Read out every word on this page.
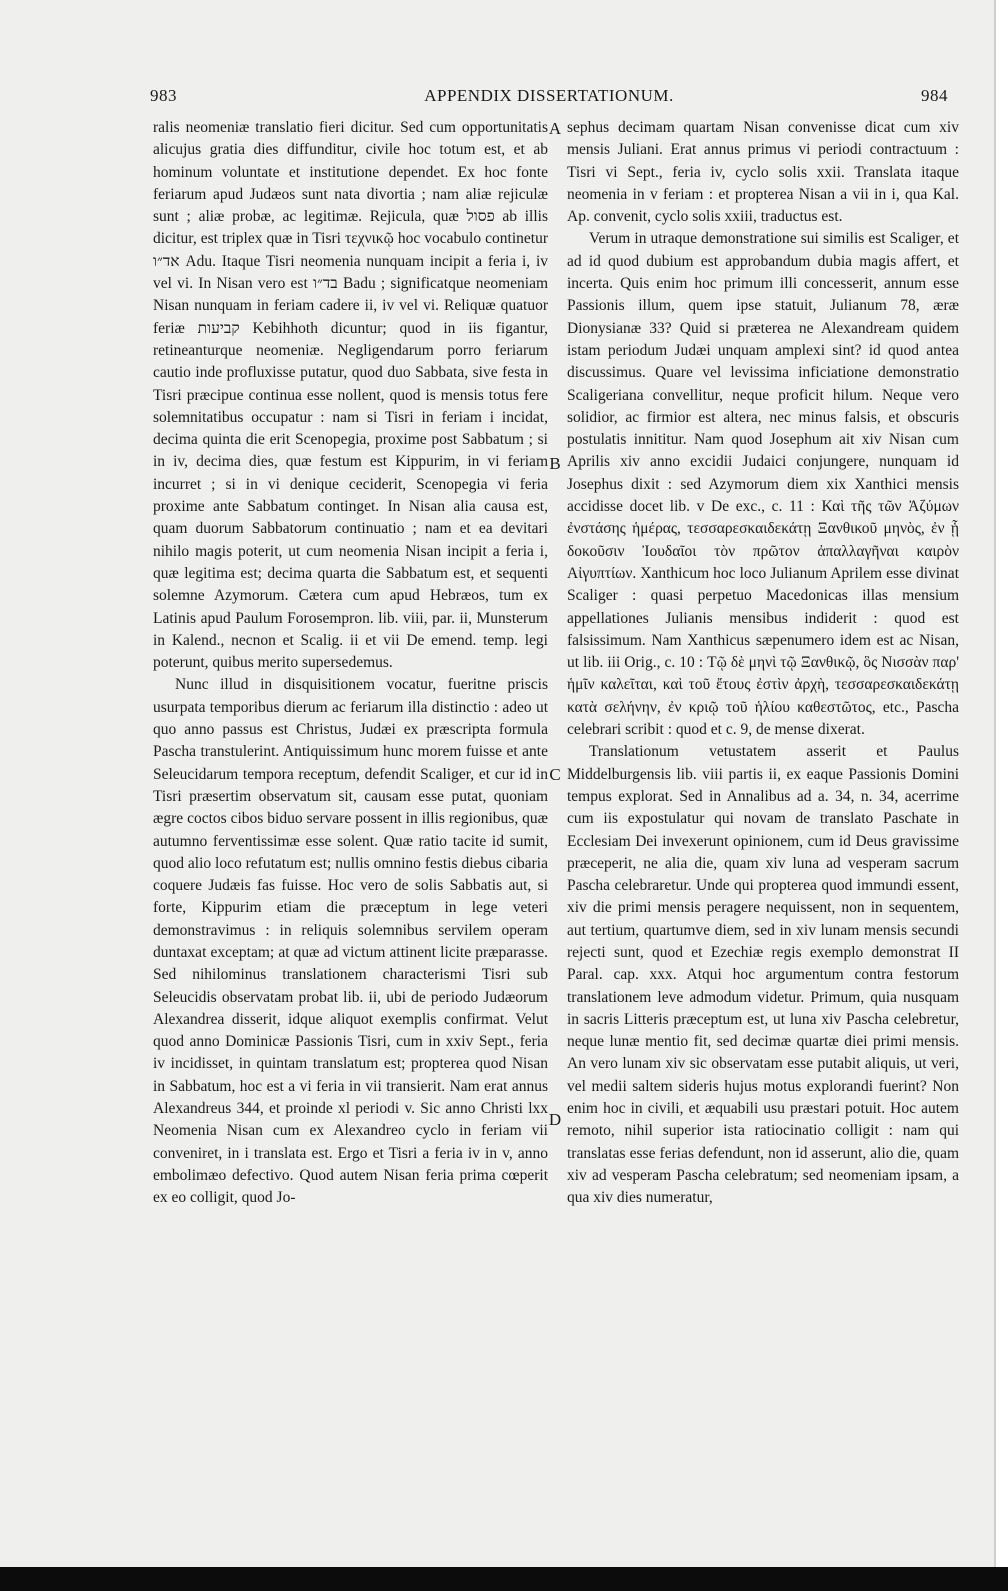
983	APPENDIX DISSERTATIONUM.	984

ralis neomeniæ translatio fieri dicitur. Sed cum opportunitatis alicujus gratia dies diffunditur, civile hoc totum est, et ab hominum voluntate et institutione dependet. Ex hoc fonte feriarum apud Judæos sunt nata divortia ; nam aliæ rejiculæ sunt ; aliæ probæ, ac legitimæ. Rejicula, quæ פסול ab illis dicitur, est triplex quæ in Tisri τεχνικῷ hoc vocabulo continetur אד״ו Adu. Itaque Tisri neomenia nunquam incipit a feria i, iv vel vi. In Nisan vero est בד״ו Badu ; significatque neomeniam Nisan nunquam in feriam cadere ii, iv vel vi. Reliquæ quatuor feriæ קביעות Kebihhoth dicuntur; quod in iis figantur, retineanturque neomeniæ. Negligendarum porro feriarum cautio inde profluxisse putatur, quod duo Sabbata, sive festa in Tisri præcipue continua esse nollent, quod is mensis totus fere solemnitatibus occupatur : nam si Tisri in feriam i incidat, decima quinta die erit Scenopegia, proxime post Sabbatum ; si in iv, decima dies, quæ festum est Kippurim, in vi feriam incurret ; si in vi denique ceciderit, Scenopegia vi feria proxime ante Sabbatum continget. In Nisan alia causa est, quam duorum Sabbatorum continuatio ; nam et ea devitari nihilo magis poterit, ut cum neomenia Nisan incipit a feria i, quæ legitima est; decima quarta die Sabbatum est, et sequenti solemne Azymorum. Cætera cum apud Hebræos, tum ex Latinis apud Paulum Forosempron. lib. viii, par. ii, Munsterum in Kalend., necnon et Scalig. ii et vii De emend. temp. legi poterunt, quibus merito supersedemus.

Nunc illud in disquisitionem vocatur, fueritne priscis usurpata temporibus dierum ac feriarum illa distinctio : adeo ut quo anno passus est Christus, Judæi ex præscripta formula Pascha transtulerint. Antiquissimum hunc morem fuisse et ante Seleucidarum tempora receptum, defendit Scaliger, et cur id in Tisri præsertim observatum sit, causam esse putat, quoniam ægre coctos cibos biduo servare possent in illis regionibus, quæ autumno ferventissimæ esse solent. Quæ ratio tacite id sumit, quod alio loco refutatum est; nullis omnino festis diebus cibaria coquere Judæis fas fuisse. Hoc vero de solis Sabbatis aut, si forte, Kippurim etiam die præceptum in lege veteri demonstravimus : in reliquis solemnibus servilem operam duntaxat exceptam; at quæ ad victum attinent licite præparasse. Sed nihilominus translationem characterismi Tisri sub Seleucidis observatam probat lib. ii, ubi de periodo Judæorum Alexandrea disserit, idque aliquot exemplis confirmat. Velut quod anno Dominicæ Passionis Tisri, cum in xxiv Sept., feria iv incidisset, in quintam translatum est; propterea quod Nisan in Sabbatum, hoc est a vi feria in vii transierit. Nam erat annus Alexandreus 344, et proinde xl periodi v. Sic anno Christi lxx Neomenia Nisan cum ex Alexandreo cyclo in feriam vii conveniret, in i translata est. Ergo et Tisri a feria iv in v, anno embolimæo defectivo. Quod autem Nisan feria prima cœperit ex eo colligit, quod Jo-

A
B
C
D

sephus decimam quartam Nisan convenisse dicat cum xiv mensis Juliani. Erat annus primus vi periodi contractuum : Tisri vi Sept., feria iv, cyclo solis xxii. Translata itaque neomenia in v feriam : et propterea Nisan a vii in i, qua Kal. Ap. convenit, cyclo solis xxiii, traductus est.

Verum in utraque demonstratione sui similis est Scaliger, et ad id quod dubium est approbandum dubia magis affert, et incerta. Quis enim hoc primum illi concesserit, annum esse Passionis illum, quem ipse statuit, Julianum 78, æræ Dionysianæ 33? Quid si præterea ne Alexandream quidem istam periodum Judæi unquam amplexi sint? id quod antea discussimus. Quare vel levissima inficiatione demonstratio Scaligeriana convellitur, neque proficit hilum. Neque vero solidior, ac firmior est altera, nec minus falsis, et obscuris postulatis innititur. Nam quod Josephum ait xiv Nisan cum Aprilis xiv anno excidii Judaici conjungere, nunquam id Josephus dixit : sed Azymorum diem xix Xanthici mensis accidisse docet lib. v De exc., c. 11 : Καὶ τῆς τῶν Ἀζύμων ἐνστάσης ἡμέρας, τεσσαρεσκαιδεκάτῃ Ξανθικοῦ μηνὸς, ἐν ᾗ δοκοῦσιν Ἰουδαῖοι τὸν πρῶτον ἀπαλλαγῆναι καιρὸν Αἰγυπτίων. Xanthicum hoc loco Julianum Aprilem esse divinat Scaliger : quasi perpetuo Macedonicas illas mensium appellationes Julianis mensibus indiderit : quod est falsissimum. Nam Xanthicus sæpenumero idem est ac Nisan, ut lib. iii Orig., c. 10 : Τῷ δὲ μηνὶ τῷ Ξανθικῷ, ὃς Νισσὰν παρ' ἡμῖν καλεῖται, καὶ τοῦ ἔτους ἐστὶν ἀρχὴ, τεσσαρεσκαιδεκάτῃ κατὰ σελήνην, ἐν κριῷ τοῦ ἡλίου καθεστῶτος, etc., Pascha celebrari scribit : quod et c. 9, de mense dixerat.

Translationum vetustatem asserit et Paulus Middelburgensis lib. viii partis ii, ex eaque Passionis Domini tempus explorat. Sed in Annalibus ad a. 34, n. 34, acerrime cum iis expostulatur qui novam de translato Paschate in Ecclesiam Dei invexerunt opinionem, cum id Deus gravissime præceperit, ne alia die, quam xiv luna ad vesperam sacrum Pascha celebraretur. Unde qui propterea quod immundi essent, xiv die primi mensis peragere nequissent, non in sequentem, aut tertium, quartumve diem, sed in xiv lunam mensis secundi rejecti sunt, quod et Ezechiæ regis exemplo demonstrat II Paral. cap. xxx. Atqui hoc argumentum contra festorum translationem leve admodum videtur. Primum, quia nusquam in sacris Litteris præceptum est, ut luna xiv Pascha celebretur, neque lunæ mentio fit, sed decimæ quartæ diei primi mensis. An vero lunam xiv sic observatam esse putabit aliquis, ut veri, vel medii saltem sideris hujus motus explorandi fuerint? Non enim hoc in civili, et æquabili usu præstari potuit. Hoc autem remoto, nihil superior ista ratiocinatio colligit : nam qui translatas esse ferias defendunt, non id asserunt, alio die, quam xiv ad vesperam Pascha celebratum; sed neomeniam ipsam, a qua xiv dies numeratur,
